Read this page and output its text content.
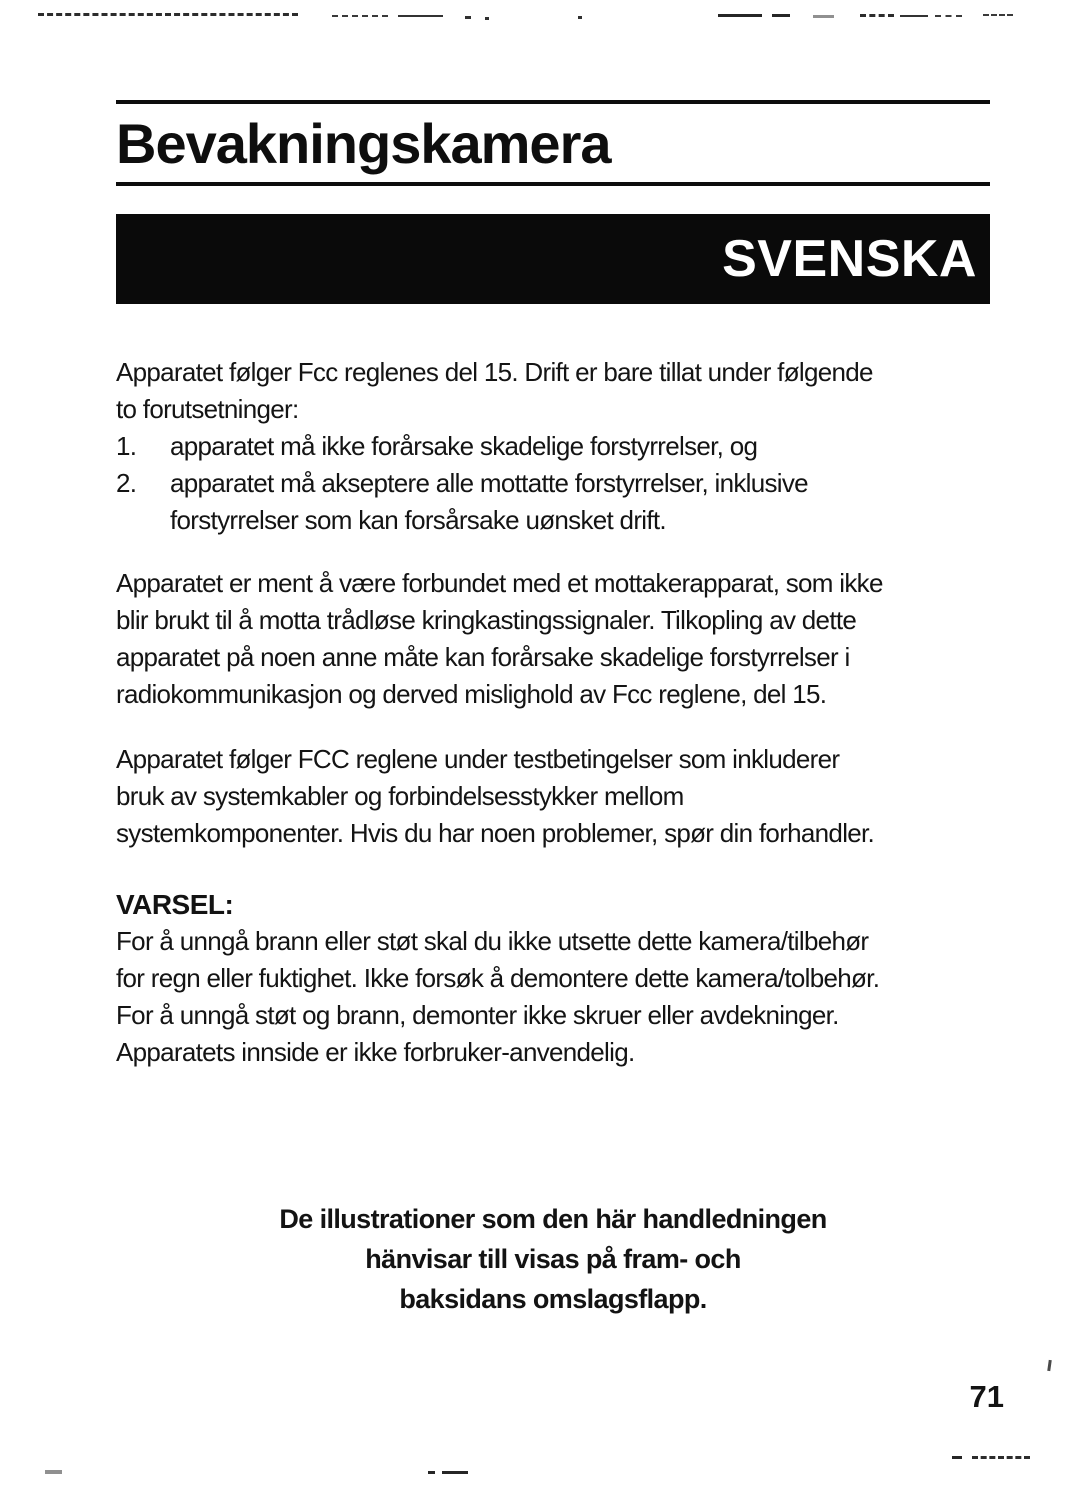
Bevakningskamera
SVENSKA
Apparatet følger Fcc reglenes del 15. Drift er bare tillat under følgende
to forutsetninger:
1.	apparatet må ikke forårsake skadelige forstyrrelser, og
2.	apparatet må akseptere alle mottatte forstyrrelser, inklusive
forstyrrelser som kan forsårsake uønsket drift.
Apparatet er ment å være forbundet med et mottakerapparat, som ikke
blir brukt til å motta trådløse kringkastingssignaler. Tilkopling av dette
apparatet på noen anne måte kan forårsake skadelige forstyrrelser i
radiokommunikasjon og derved mislighold av Fcc reglene, del 15.
Apparatet følger FCC reglene under testbetingelser som inkluderer
bruk av systemkabler og forbindelsesstykker mellom
systemkomponenter. Hvis du har noen problemer, spør din forhandler.
VARSEL:
For å unngå brann eller støt skal du ikke utsette dette kamera/tilbehør
for regn eller fuktighet. Ikke forsøk å demontere dette kamera/tolbehør.
For å unngå støt og brann, demonter ikke skruer eller avdekninger.
Apparatets innside er ikke forbruker-anvendelig.
De illustrationer som den här handledningen
hänvisar till visas på fram- och
baksidans omslagsflapp.
71
